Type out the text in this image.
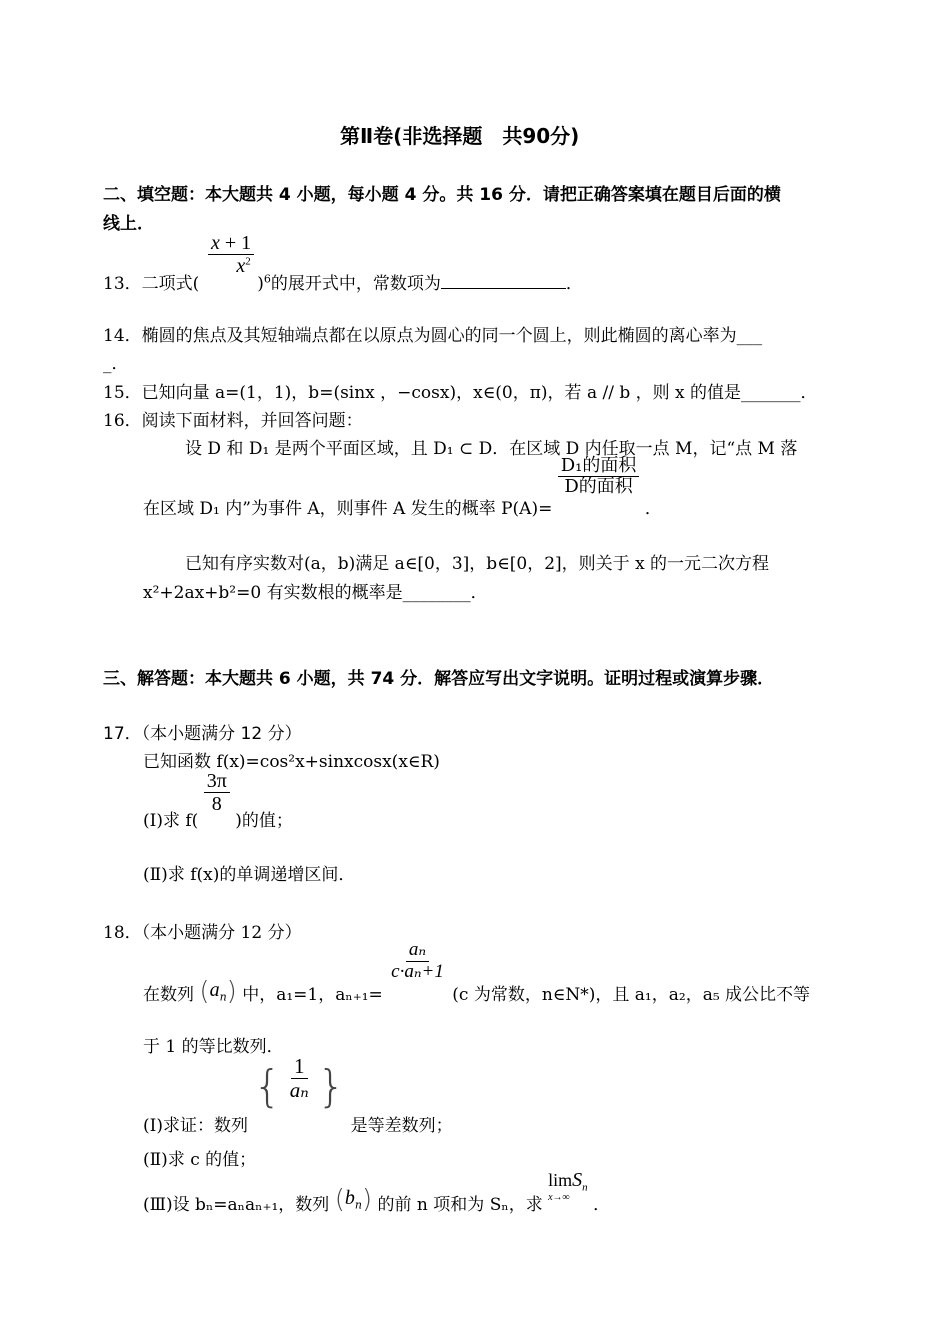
第Ⅱ卷(非选择题　共90分)
二、填空题：本大题共 4 小题，每小题 4 分。共 16 分．请把正确答案填在题目后面的横
线上．
$\frac{x + 1}{x^2}$
13．二项式(	)$^6$的展开式中，常数项为	．
14．椭圆的焦点及其短轴端点都在以原点为圆心的同一个圆上，则此椭圆的离心率为___
_．
15．已知向量 a=(1，1)，b=(sinx ，−cosx)，x∈(0，π)，若 a // b ，则 x 的值是_______．
16．阅读下面材料，并回答问题：
设 D 和 D₁ 是两个平面区域，且 D₁ ⊂ D．在区域 D 内任取一点 M，记“点 M 落
在区域 D₁ 内”为事件 A，则事件 A 发生的概率 P(A)=
$\frac{\text{D₁的面积}}{\text{D的面积}}$
．
已知有序实数对(a，b)满足 a∈[0，3]，b∈[0，2]，则关于 x 的一元二次方程
x²+2ax+b²=0 有实数根的概率是________．
三、解答题：本大题共 6 小题，共 74 分．解答应写出文字说明。证明过程或演算步骤．
17．（本小题满分 12 分）
已知函数 f(x)=cos²x+sinxcosx(x∈R)
(I)求 f(
$\frac{3\pi}{8}$
)的值；
(Ⅱ)求 f(x)的单调递增区间．
18．（本小题满分 12 分）
在数列 $(a_n)$ 中，a₁=1，aₙ₊₁=
$\frac{\text{aₙ}}{\text{c·aₙ+1}}$
(c 为常数，n∈N*)，且 a₁，a₂，a₅ 成公比不等
于 1 的等比数列．
(I)求证：数列 { $\frac{1}{\text{aₙ}}$ } 是等差数列；
(Ⅱ)求 c 的值；
(Ⅲ)设 bₙ=aₙaₙ₊₁，数列 $(b_n)$ 的前 n 项和为 Sₙ，求
limS$_n$
x→∞ ．
